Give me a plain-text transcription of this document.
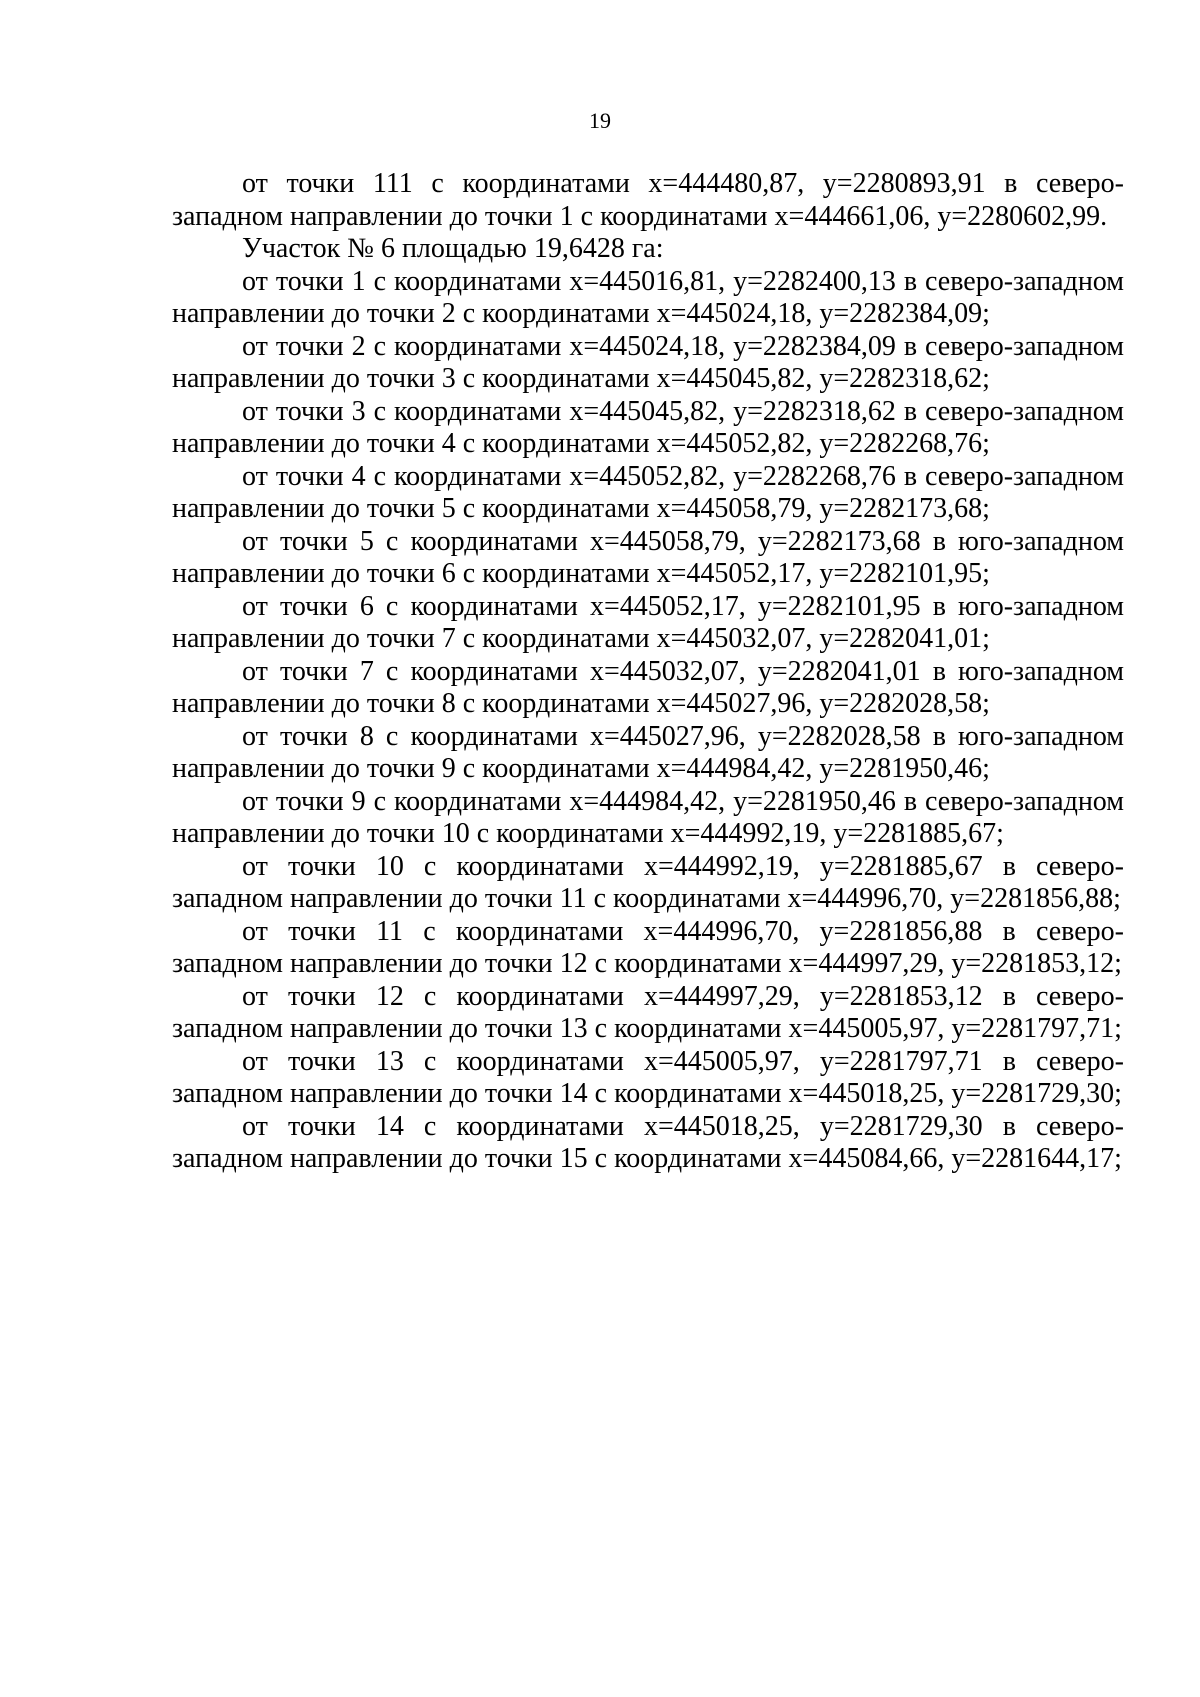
19

от точки 111 с координатами x=444480,87, y=2280893,91 в северо-западном направлении до точки 1 с координатами x=444661,06, y=2280602,99.

Участок № 6 площадью 19,6428 га:

от точки 1 с координатами x=445016,81, y=2282400,13 в северо-западном направлении до точки 2 с координатами x=445024,18, y=2282384,09;

от точки 2 с координатами x=445024,18, y=2282384,09 в северо-западном направлении до точки 3 с координатами x=445045,82, y=2282318,62;

от точки 3 с координатами x=445045,82, y=2282318,62 в северо-западном направлении до точки 4 с координатами x=445052,82, y=2282268,76;

от точки 4 с координатами x=445052,82, y=2282268,76 в северо-западном направлении до точки 5 с координатами x=445058,79, y=2282173,68;

от точки 5 с координатами x=445058,79, y=2282173,68 в юго-западном направлении до точки 6 с координатами x=445052,17, y=2282101,95;

от точки 6 с координатами x=445052,17, y=2282101,95 в юго-западном направлении до точки 7 с координатами x=445032,07, y=2282041,01;

от точки 7 с координатами x=445032,07, y=2282041,01 в юго-западном направлении до точки 8 с координатами x=445027,96, y=2282028,58;

от точки 8 с координатами x=445027,96, y=2282028,58 в юго-западном направлении до точки 9 с координатами x=444984,42, y=2281950,46;

от точки 9 с координатами x=444984,42, y=2281950,46 в северо-западном направлении до точки 10 с координатами x=444992,19, y=2281885,67;

от точки 10 с координатами x=444992,19, y=2281885,67 в северо-западном направлении до точки 11 с координатами x=444996,70, y=2281856,88;

от точки 11 с координатами x=444996,70, y=2281856,88 в северо-западном направлении до точки 12 с координатами x=444997,29, y=2281853,12;

от точки 12 с координатами x=444997,29, y=2281853,12 в северо-западном направлении до точки 13 с координатами x=445005,97, y=2281797,71;

от точки 13 с координатами x=445005,97, y=2281797,71 в северо-западном направлении до точки 14 с координатами x=445018,25, y=2281729,30;

от точки 14 с координатами x=445018,25, y=2281729,30 в северо-западном направлении до точки 15 с координатами x=445084,66, y=2281644,17;
